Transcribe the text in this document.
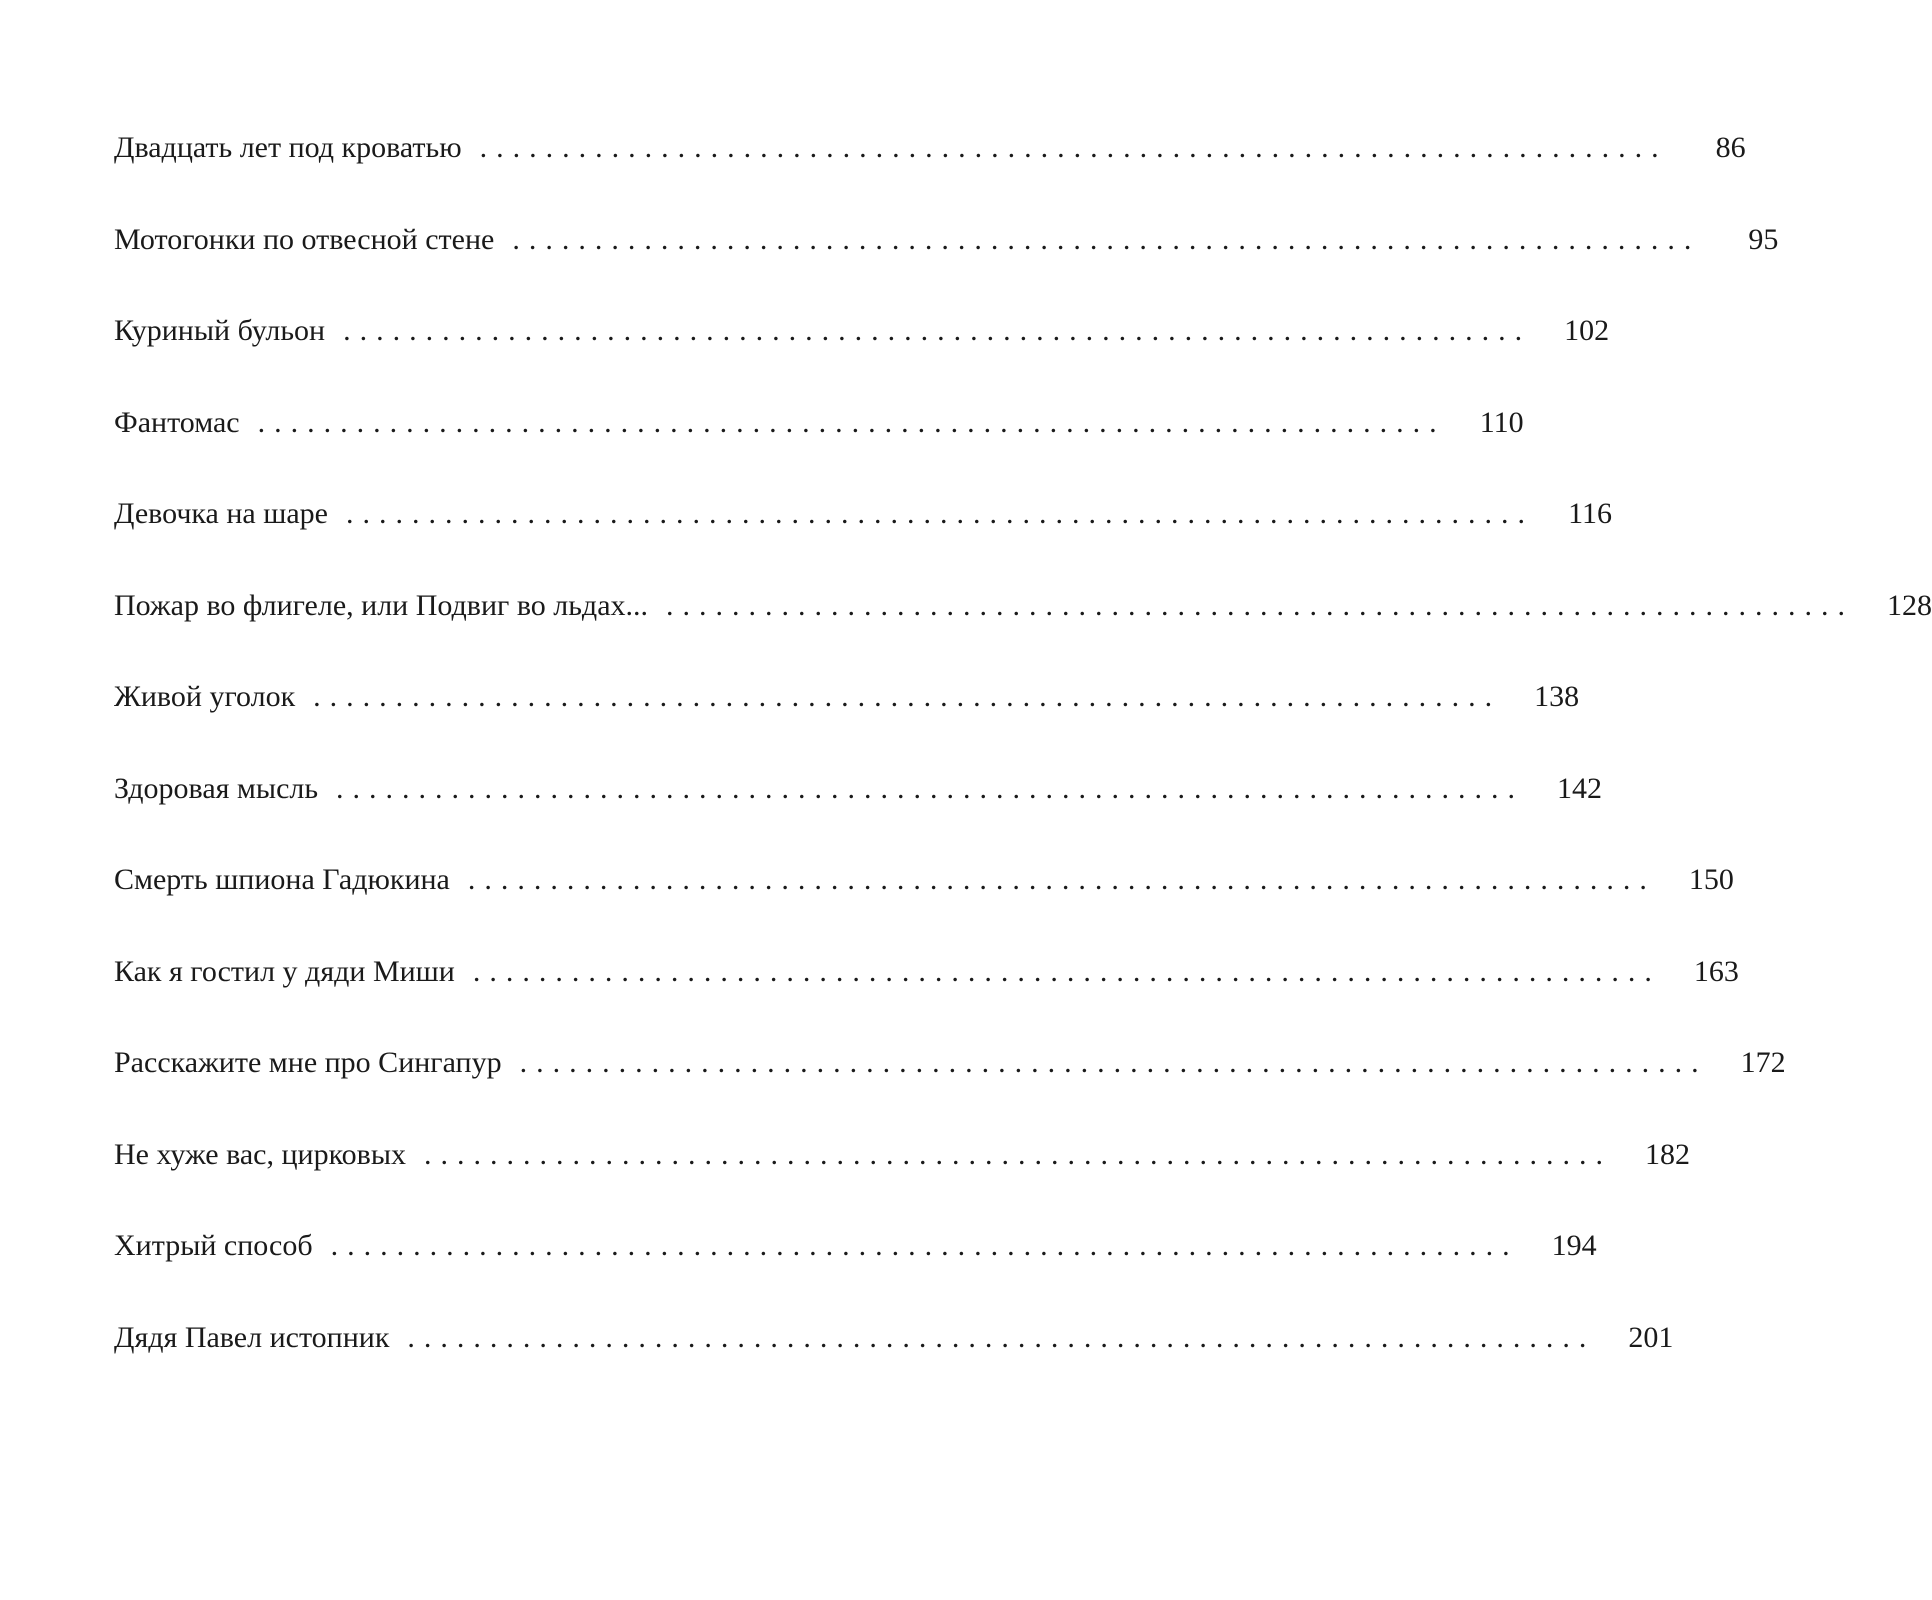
Двадцать лет под кроватью ........................................................................	86
Мотогонки по отвесной стене ........................................................................	95
Куриный бульон ........................................................................ 102
Фантомас ........................................................................ 110
Девочка на шаре ........................................................................ 116
Пожар во флигеле, или Подвиг во льдах... ........................................................................ 128
Живой уголок ........................................................................ 138
Здоровая мысль ........................................................................ 142
Смерть шпиона Гадюкина ........................................................................ 150
Как я гостил у дяди Миши ........................................................................ 163
Расскажите мне про Сингапур ........................................................................ 172
Не хуже вас, цирковых ........................................................................ 182
Хитрый способ ........................................................................ 194
Дядя Павел истопник ........................................................................ 201
